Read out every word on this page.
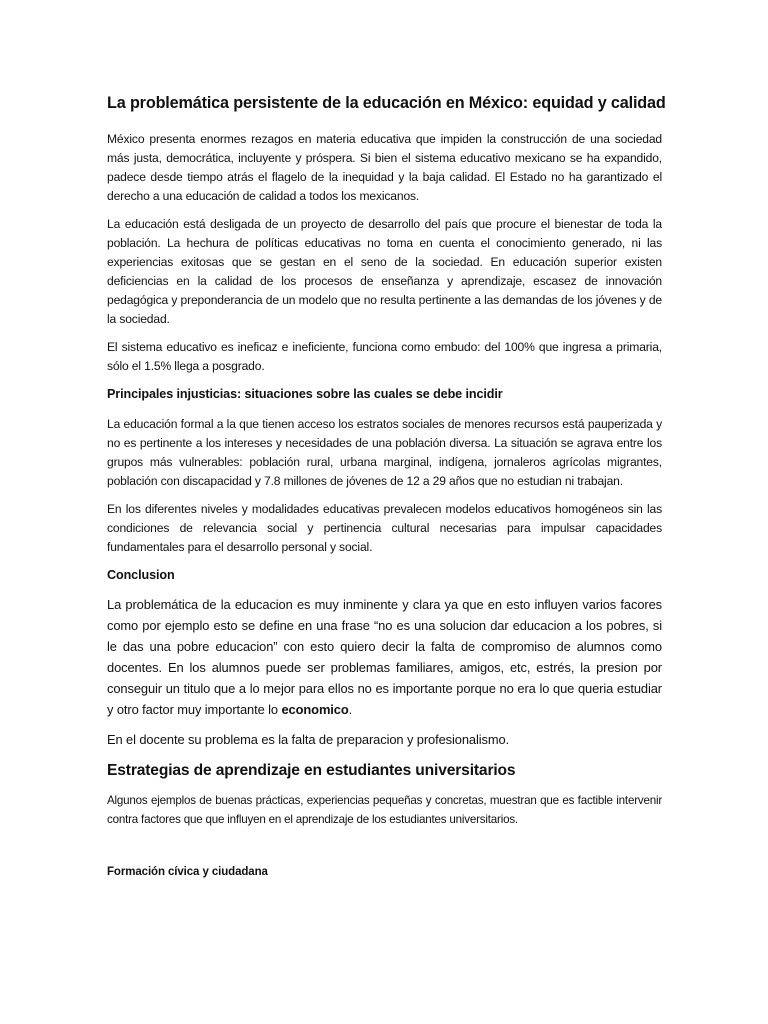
La problemática persistente de la educación en México: equidad y calidad

México presenta enormes rezagos en materia educativa que impiden la construcción de una sociedad más justa, democrática, incluyente y próspera. Si bien el sistema educativo mexicano se ha expandido, padece desde tiempo atrás el flagelo de la inequidad y la baja calidad. El Estado no ha garantizado el derecho a una educación de calidad a todos los mexicanos.

La educación está desligada de un proyecto de desarrollo del país que procure el bienestar de toda la población. La hechura de políticas educativas no toma en cuenta el conocimiento generado, ni las experiencias exitosas que se gestan en el seno de la sociedad. En educación superior existen deficiencias en la calidad de los procesos de enseñanza y aprendizaje, escasez de innovación pedagógica y preponderancia de un modelo que no resulta pertinente a las demandas de los jóvenes y de la sociedad.

El sistema educativo es ineficaz e ineficiente, funciona como embudo: del 100% que ingresa a primaria, sólo el 1.5% llega a posgrado.

Principales injusticias: situaciones sobre las cuales se debe incidir

La educación formal a la que tienen acceso los estratos sociales de menores recursos está pauperizada y no es pertinente a los intereses y necesidades de una población diversa. La situación se agrava entre los grupos más vulnerables: población rural, urbana marginal, indígena, jornaleros agrícolas migrantes, población con discapacidad y 7.8 millones de jóvenes de 12 a 29 años que no estudian ni trabajan.

En los diferentes niveles y modalidades educativas prevalecen modelos educativos homogéneos sin las condiciones de relevancia social y pertinencia cultural necesarias para impulsar capacidades fundamentales para el desarrollo personal y social.

Conclusion

La problemática de la educacion es muy inminente y clara ya que en esto influyen varios facores como por ejemplo esto se define en una frase “no es una solucion dar educacion a los pobres, si le das una pobre educacion” con esto quiero decir la falta de compromiso de alumnos como docentes. En los alumnos puede ser problemas familiares, amigos, etc, estrés, la presion por conseguir un titulo que a lo mejor para ellos no es importante porque no era lo que queria estudiar y otro factor muy importante lo economico.

En el docente su problema es la falta de preparacion y profesionalismo.

Estrategias de aprendizaje en estudiantes universitarios

Algunos ejemplos de buenas prácticas, experiencias pequeñas y concretas, muestran que es factible intervenir contra factores que que influyen en el aprendizaje de los estudiantes universitarios.

Formación cívica y ciudadana
